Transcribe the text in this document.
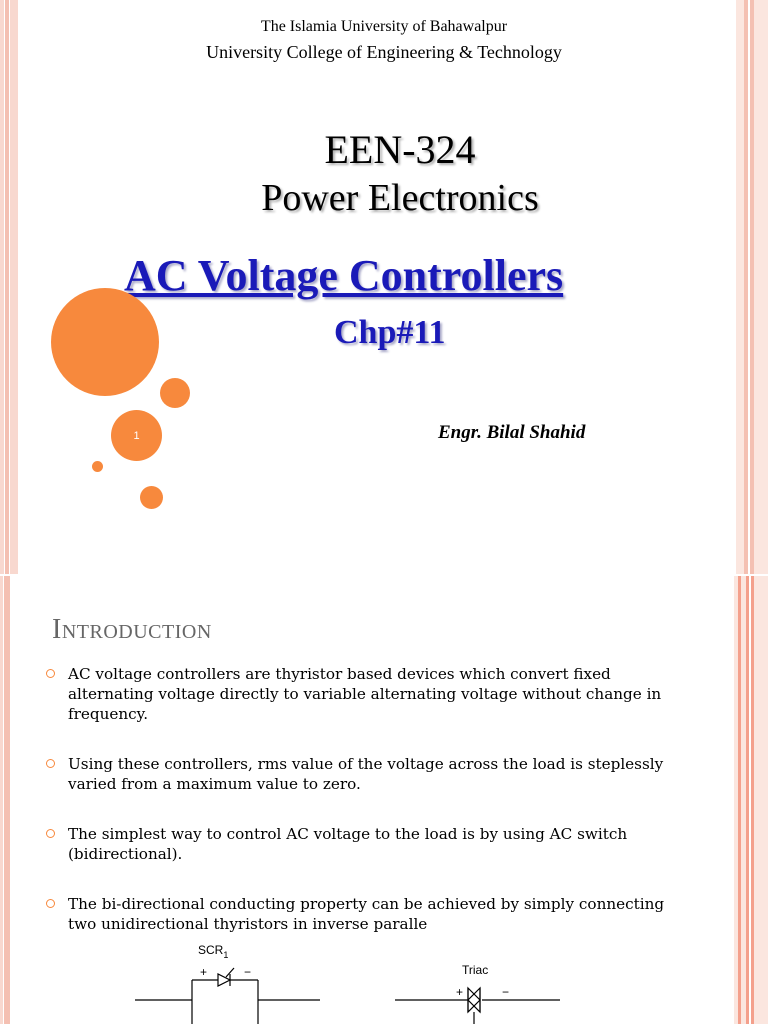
The Islamia University of Bahawalpur
University College of Engineering & Technology
EEN-324
Power Electronics
AC Voltage Controllers
Chp#11
Engr. Bilal Shahid
1
Introduction
AC voltage controllers are thyristor based devices which convert fixed alternating voltage directly to variable alternating voltage without change in frequency.
Using these controllers, rms value of the voltage across the load is steplessly varied from a maximum value to zero.
The simplest way to control AC voltage to the load is by using AC switch (bidirectional).
The bi-directional conducting property can be achieved by simply connecting two unidirectional thyristors in inverse paralle
$SCR_1$
+	−	Triac
+	−
